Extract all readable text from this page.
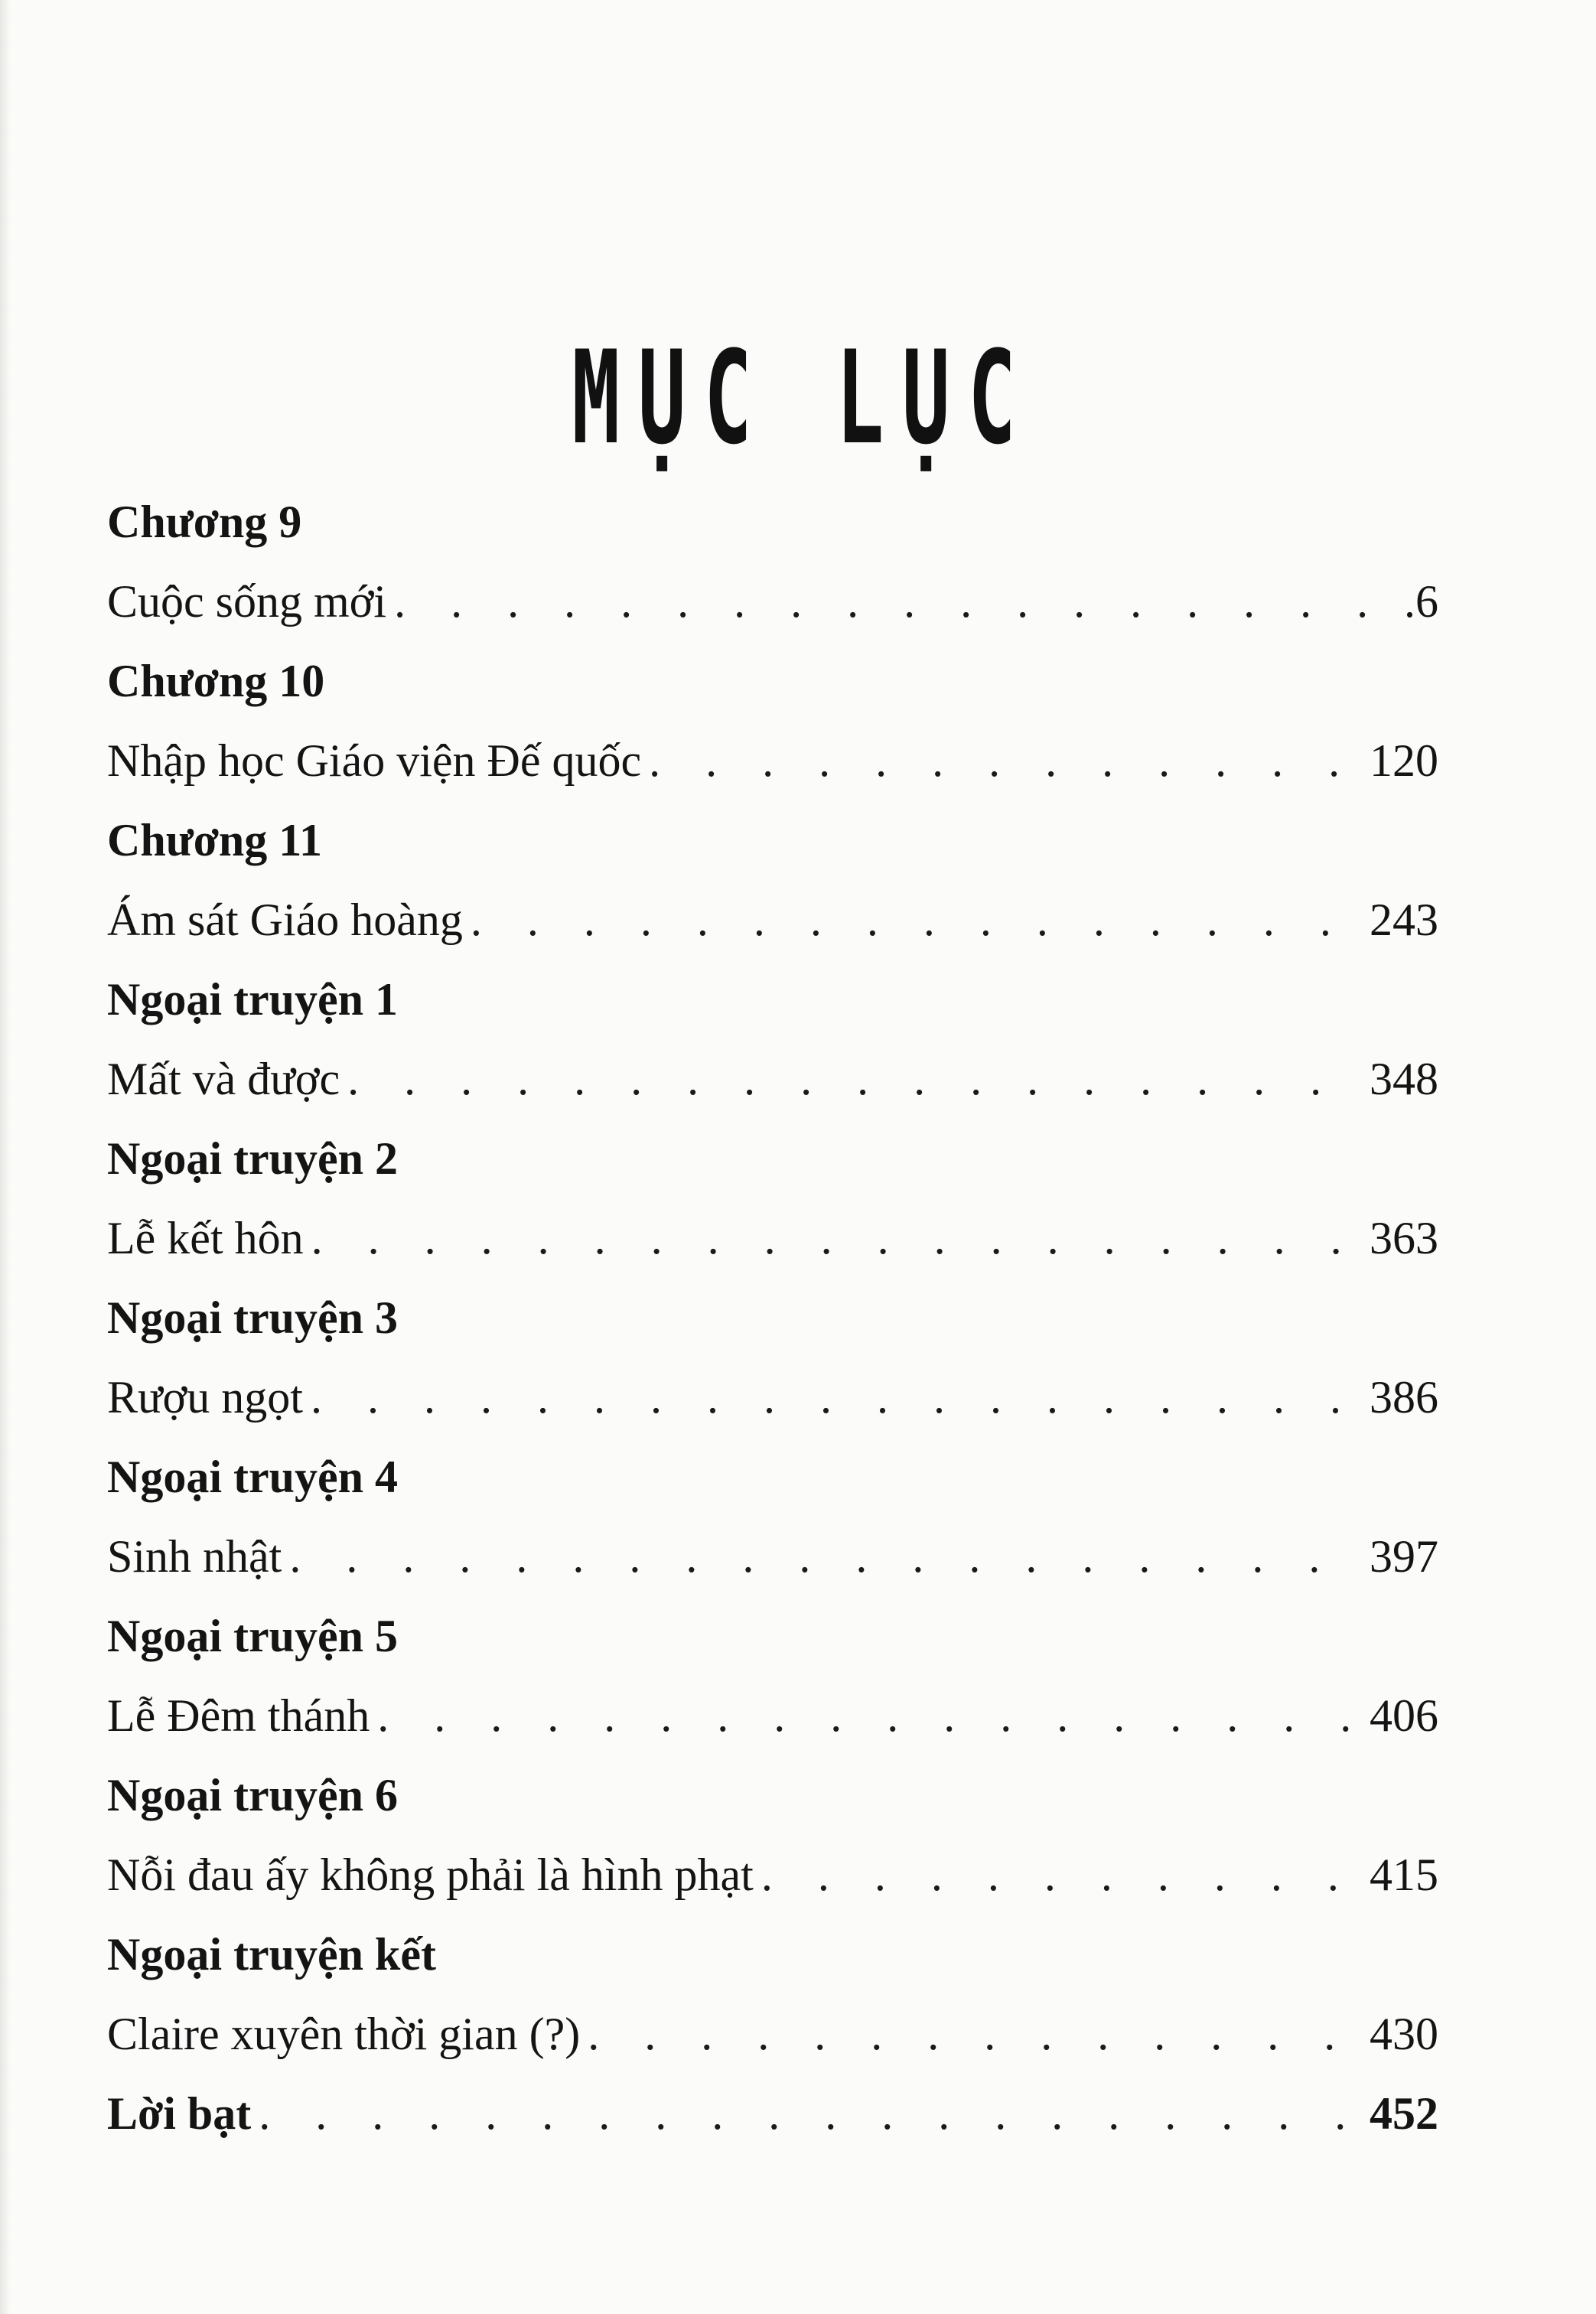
MỤC LỤC
Chương 9
Cuộc sống mới . . .	.6
Chương 10
Nhập học Giáo viện Đế quốc . . .	120
Chương 11
Ám sát Giáo hoàng . . .	243
Ngoại truyện 1
Mất và được . . .	348
Ngoại truyện 2
Lễ kết hôn . . .	363
Ngoại truyện 3
Rượu ngọt . . .	386
Ngoại truyện 4
Sinh nhật . . .	397
Ngoại truyện 5
Lễ Đêm thánh . . .	406
Ngoại truyện 6
Nỗi đau ấy không phải là hình phạt . . .	415
Ngoại truyện kết
Claire xuyên thời gian (?) . . .	430
Lời bạt . . .	452
